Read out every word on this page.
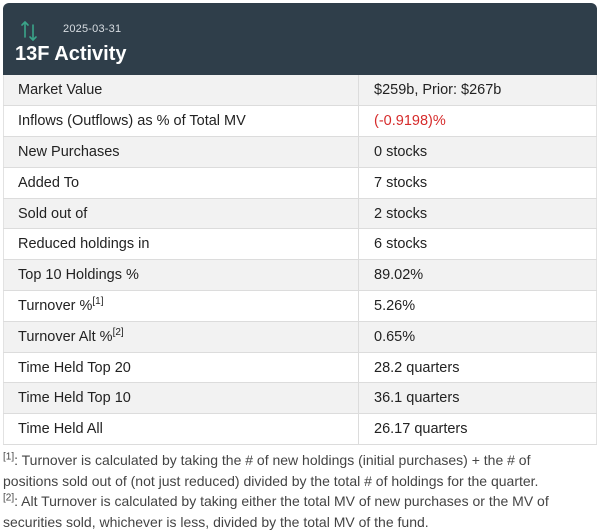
2025-03-31
13F Activity
Market Value	$259b, Prior: $267b
Inflows (Outflows) as % of Total MV	(-0.9198)%
New Purchases	0 stocks
Added To	7 stocks
Sold out of	2 stocks
Reduced holdings in	6 stocks
Top 10 Holdings %	89.02%
Turnover %[1]	5.26%
Turnover Alt %[2]	0.65%
Time Held Top 20	28.2 quarters
Time Held Top 10	36.1 quarters
Time Held All	26.17 quarters
[1]: Turnover is calculated by taking the # of new holdings (initial purchases) + the # of positions sold out of (not just reduced) divided by the total # of holdings for the quarter.
[2]: Alt Turnover is calculated by taking either the total MV of new purchases or the MV of securities sold, whichever is less, divided by the total MV of the fund.
